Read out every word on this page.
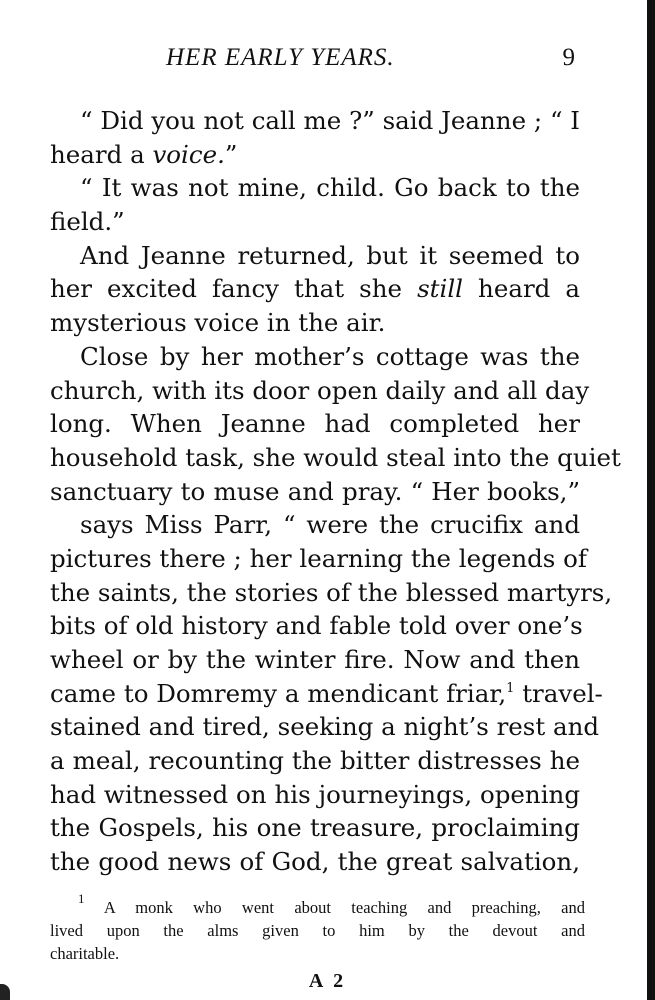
HER EARLY YEARS.	9
“ Did you not call me ?” said Jeanne ; “ I
heard a voice.”
“ It was not mine, child. Go back to the
field.”
And Jeanne returned, but it seemed to
her excited fancy that she still heard a
mysterious voice in the air.
Close by her mother’s cottage was the
church, with its door open daily and all day
long. When Jeanne had completed her
household task, she would steal into the quiet
sanctuary to muse and pray. “ Her books,”
says Miss Parr, “ were the crucifix and
pictures there ; her learning the legends of
the saints, the stories of the blessed martyrs,
bits of old history and fable told over one’s
wheel or by the winter fire. Now and then
came to Domremy a mendicant friar,$^1$ travel-
stained and tired, seeking a night’s rest and
a meal, recounting the bitter distresses he
had witnessed on his journeyings, opening
the Gospels, his one treasure, proclaiming
the good news of God, the great salvation,
$^1$ A monk who went about teaching and preaching, and
lived upon the alms given to him by the devout and
charitable.
A 2
